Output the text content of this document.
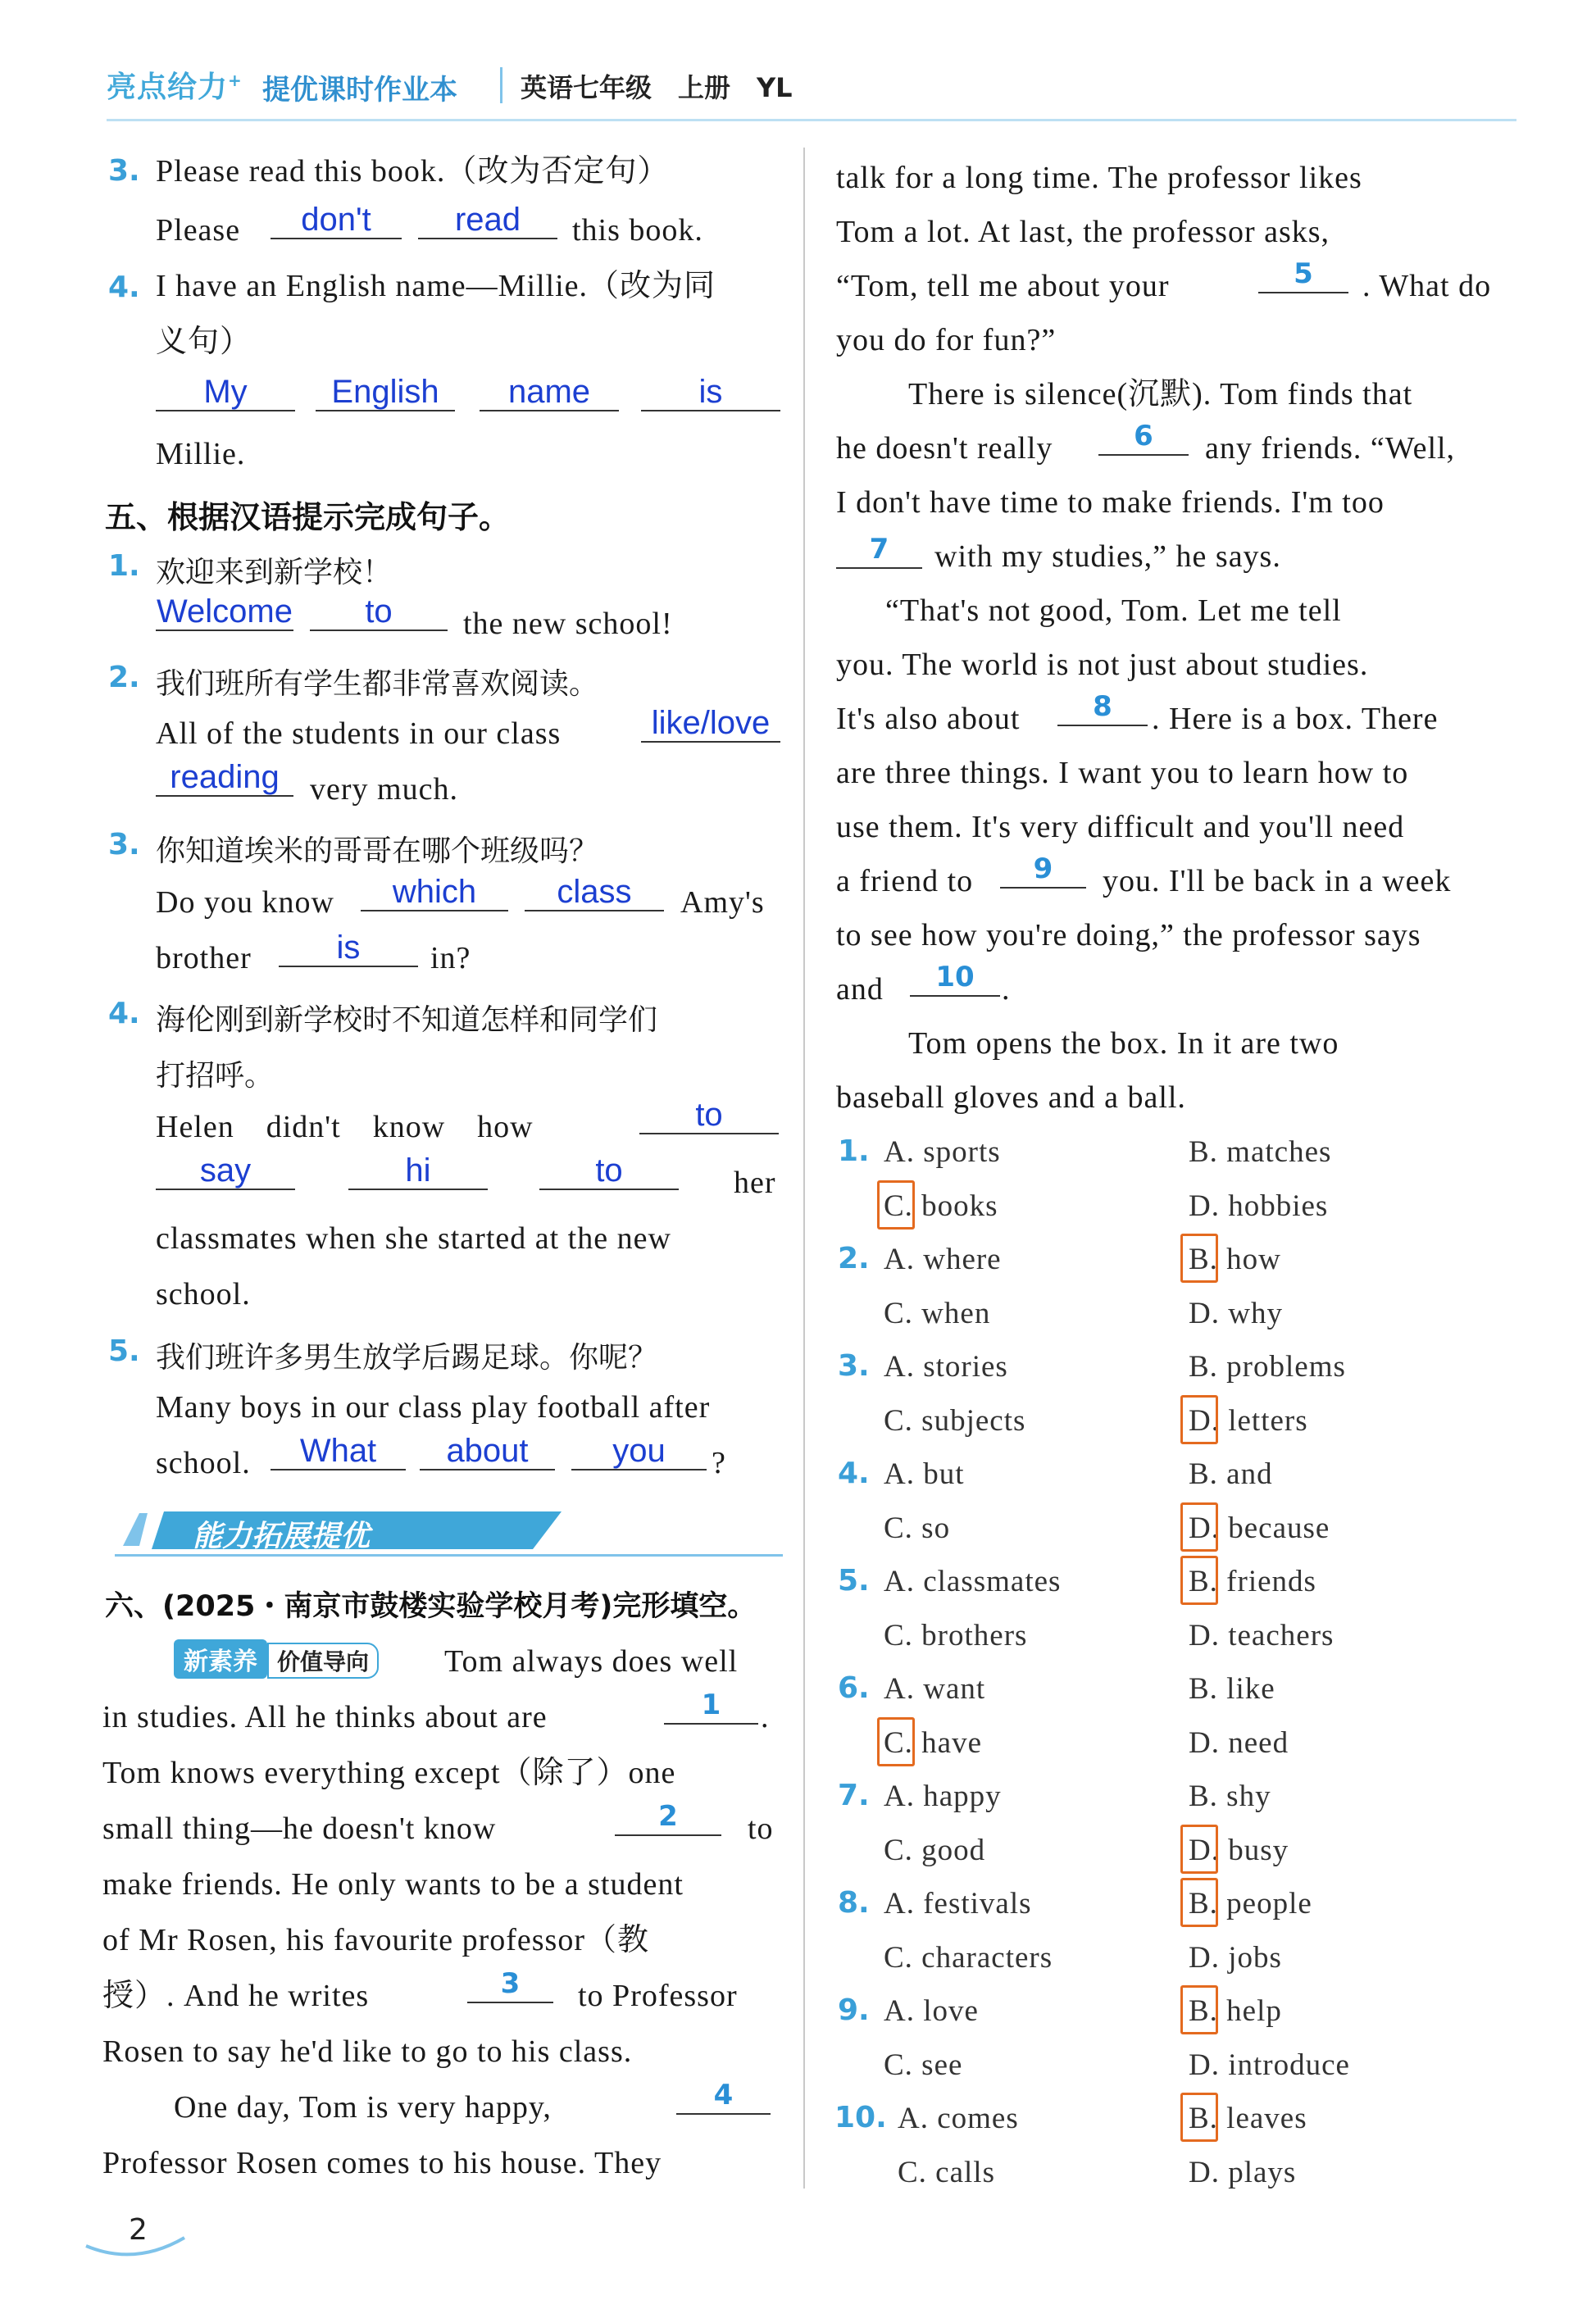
亮点给力+ 提优课时作业本 英语七年级　上册　YL
3. Please read this book.（改为否定句）
Please	don't	read	this book.
4. I have an English name—Millie.（改为同
义句）
My	English	name	is
Millie.
五、根据汉语提示完成句子。
1. 欢迎来到新学校！
Welcome	to	the new school!
2. 我们班所有学生都非常喜欢阅读。
All of the students in our class	like/love
reading very much.
3. 你知道埃米的哥哥在哪个班级吗？
Do you know	which	class	Amy's
brother	is	in?
4. 海伦刚到新学校时不知道怎样和同学们
打招呼。
Helen　didn't　know　how	to
say	hi	to	her
classmates when she started at the new
school.
5. 我们班许多男生放学后踢足球。你呢？
Many boys in our class play football after
school.	What	about	you	?
能力拓展提优
六、(2025・南京市鼓楼实验学校月考)完形填空。
新素养 价值导向	Tom always does well
in studies. All he thinks about are	1	.
Tom knows everything except（除了）one
small thing—he doesn't know	2	to
make friends. He only wants to be a student
of Mr Rosen, his favourite professor（教
授）. And he writes	3	to Professor
Rosen to say he'd like to go to his class.
One day, Tom is very happy,	4
Professor Rosen comes to his house. They
2
talk for a long time. The professor likes
Tom a lot. At last, the professor asks,
“Tom, tell me about your	5	. What do
you do for fun?”
There is silence(沉默). Tom finds that
he doesn't really	6	any friends. “Well,
I don't have time to make friends. I'm too
7	with my studies,” he says.
“That's not good, Tom. Let me tell
you. The world is not just about studies.
It's also about	8	. Here is a box. There
are three things. I want you to learn how to
use them. It's very difficult and you'll need
a friend to	9	you. I'll be back in a week
to see how you're doing,” the professor says
and	10 .
Tom opens the box. In it are two
baseball gloves and a ball.
1. A. sports	B. matches
C. books	D. hobbies
2. A. where	B. how
C. when	D. why
3. A. stories	B. problems
C. subjects	D. letters
4. A. but	B. and
C. so	D. because
5. A. classmates	B. friends
C. brothers	D. teachers
6. A. want	B. like
C. have	D. need
7. A. happy	B. shy
C. good	D. busy
8. A. festivals	B. people
C. characters	D. jobs
9. A. love	B. help
C. see	D. introduce
10. A. comes	B. leaves
C. calls	D. plays
